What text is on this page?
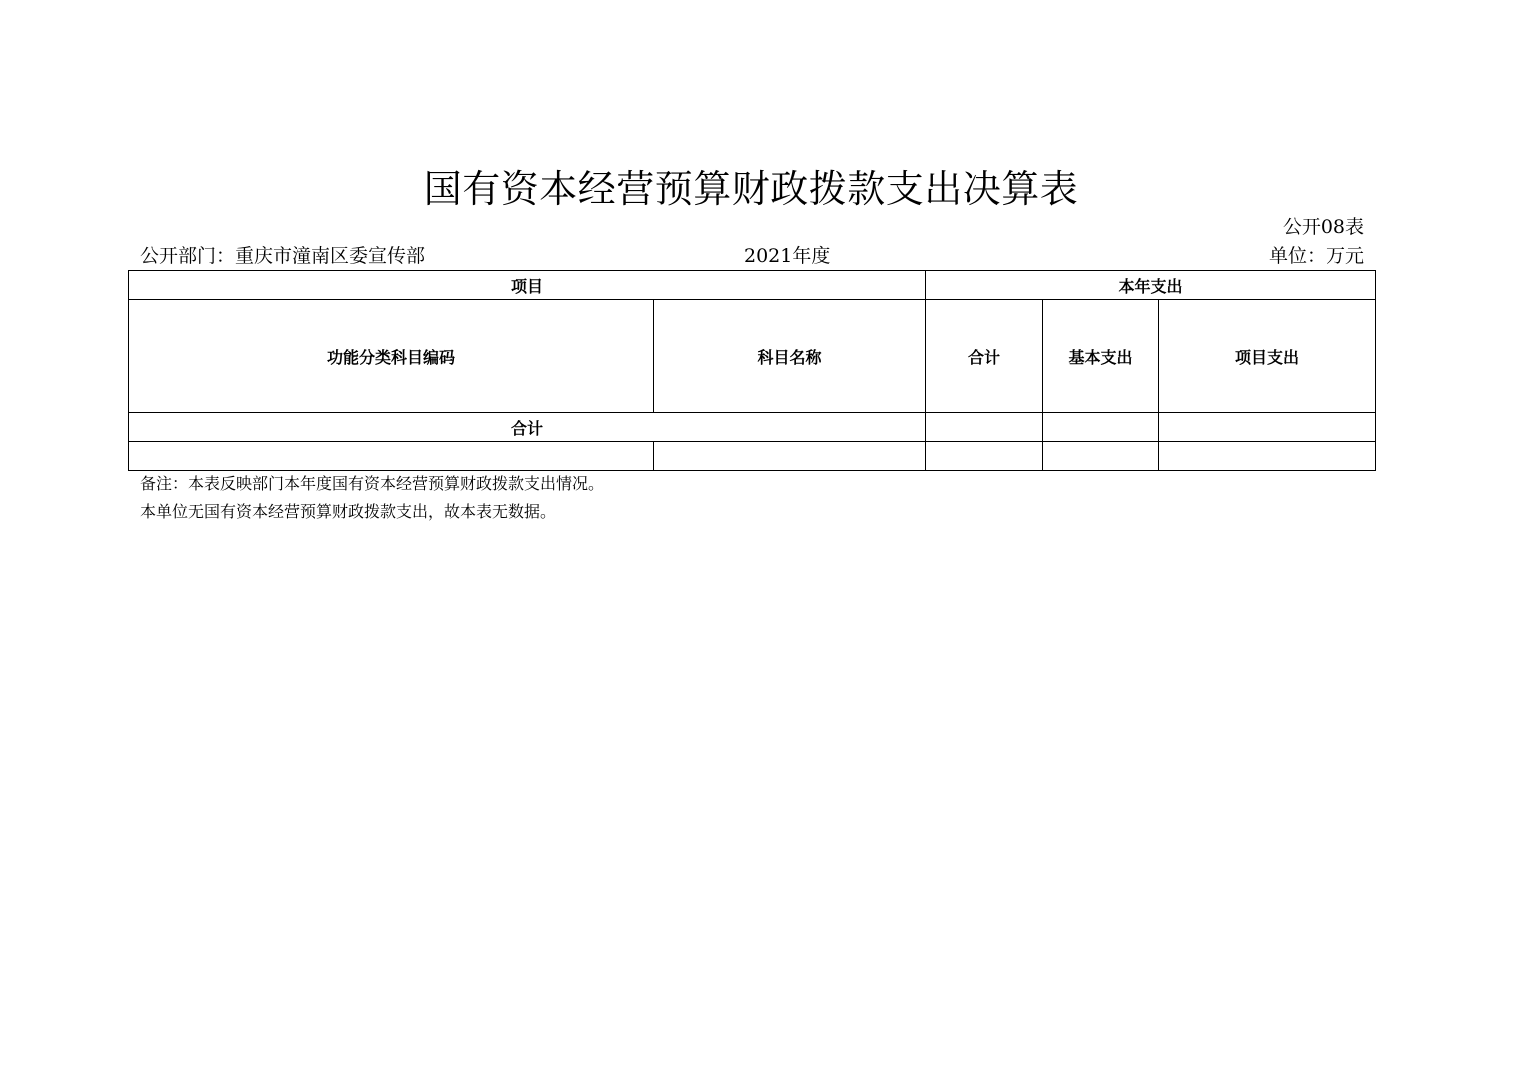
国有资本经营预算财政拨款支出决算表
公开08表
公开部门：重庆市潼南区委宣传部	2021年度	单位：万元
项目		本年支出		
功能分类科目编码	科目名称	合计	基本支出	项目支出
合计				

备注：本表反映部门本年度国有资本经营预算财政拨款支出情况。
本单位无国有资本经营预算财政拨款支出，故本表无数据。
